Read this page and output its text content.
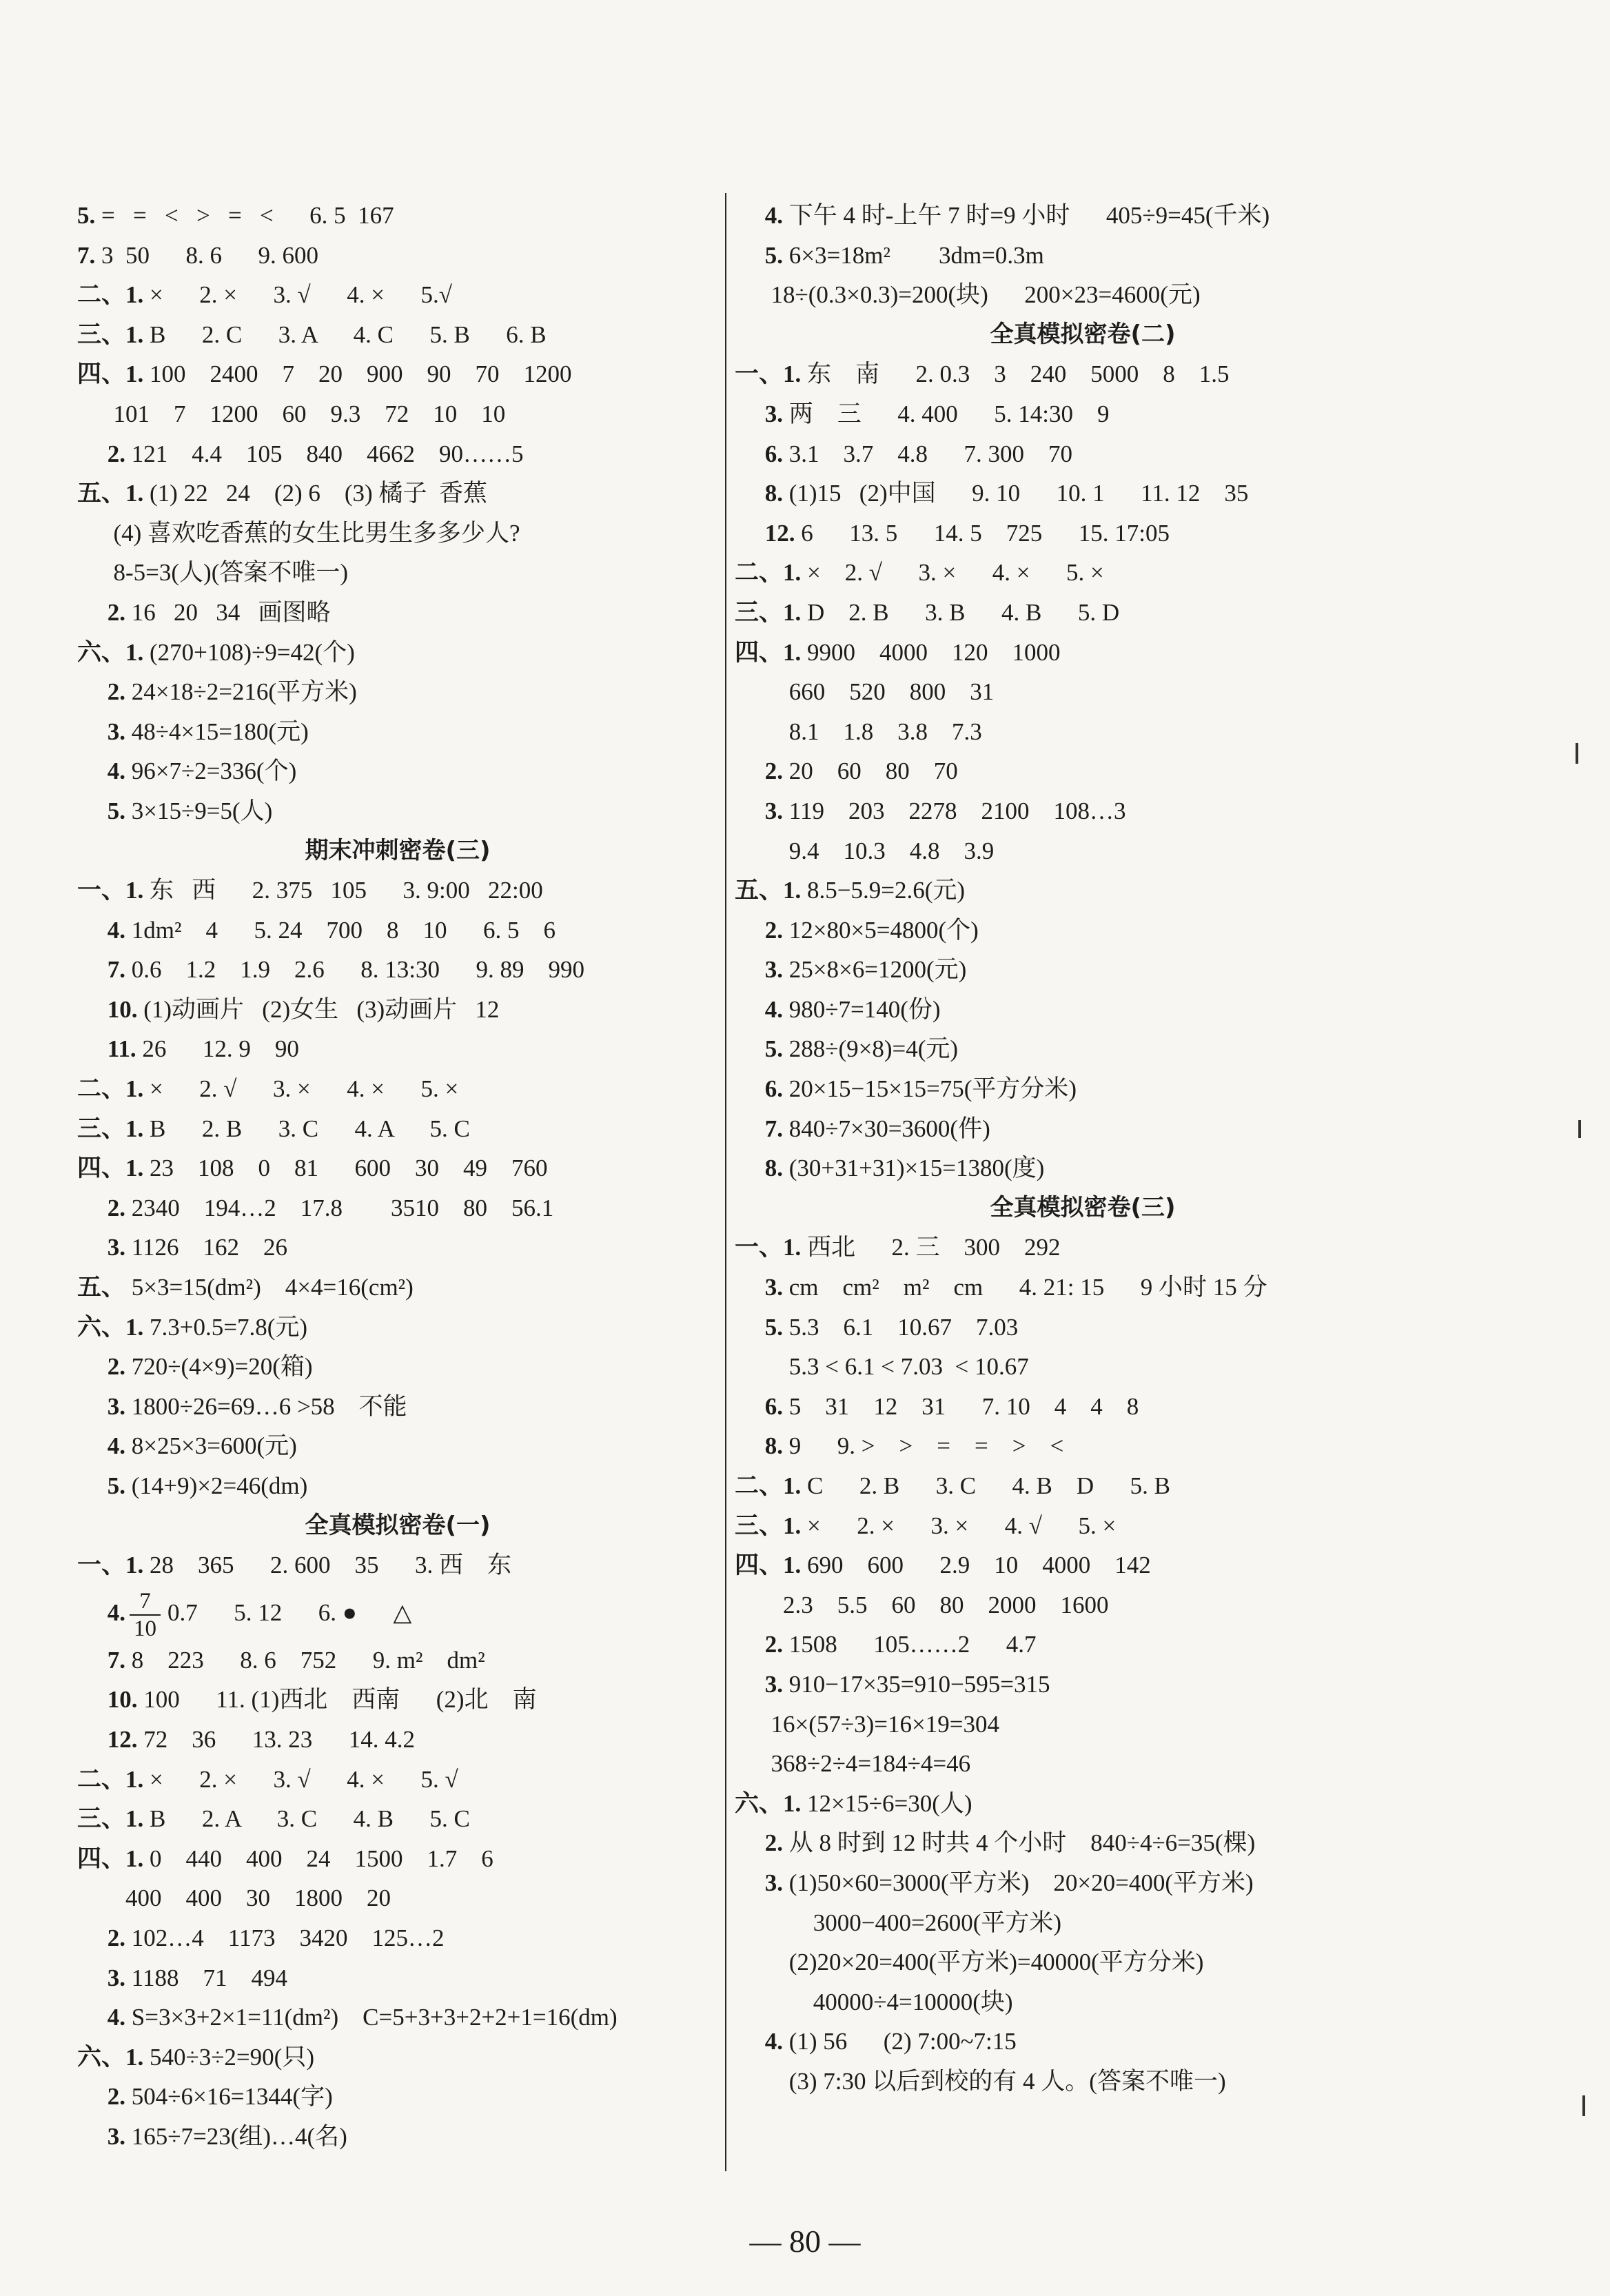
5. =   =   <   >   =   <      6. 5  167
7. 3  50      8. 6      9. 600
二、1. ×      2. ×      3. √      4. ×      5.√
三、1. B      2. C      3. A      4. C      5. B      6. B
四、1. 100    2400    7    20    900    90    70    1200
101    7    1200    60    9.3    72    10    10
2. 121    4.4    105    840    4662    90……5
五、1. (1) 22   24    (2) 6    (3) 橘子  香蕉
(4) 喜欢吃香蕉的女生比男生多多少人?
8-5=3(人)(答案不唯一)
2. 16   20   34   画图略
六、1. (270+108)÷9=42(个)
2. 24×18÷2=216(平方米)
3. 48÷4×15=180(元)
4. 96×7÷2=336(个)
5. 3×15÷9=5(人)
期末冲刺密卷(三)
一、1. 东   西      2. 375   105      3. 9:00   22:00
4. 1dm²    4      5. 24    700    8    10      6. 5    6
7. 0.6    1.2    1.9    2.6      8. 13:30      9. 89    990
10. (1)动画片   (2)女生   (3)动画片   12
11. 26      12. 9    90
二、1. ×      2. √      3. ×      4. ×      5. ×
三、1. B      2. B      3. C      4. A      5. C
四、1. 23    108    0    81      600    30    49    760
2. 2340    194…2    17.8        3510    80    56.1
3. 1126    162    26
五、 5×3=15(dm²)    4×4=16(cm²)
六、1. 7.3+0.5=7.8(元)
2. 720÷(4×9)=20(箱)
3. 1800÷26=69…6 >58    不能
4. 8×25×3=600(元)
5. (14+9)×2=46(dm)
全真模拟密卷(一)
一、1. 28    365      2. 600    35      3. 西    东
4. $\frac{7}{10} 0.7$      5. 12      6. ●      △
7. 8    223      8. 6    752      9. m²    dm²
10. 100      11. (1)西北    西南      (2)北    南
12. 72    36      13. 23      14. 4.2
二、1. ×      2. ×      3. √      4. ×      5. √
三、1. B      2. A      3. C      4. B      5. C
四、1. 0    440    400    24    1500    1.7    6
400    400    30    1800    20
2. 102…4    1173    3420    125…2
3. 1188    71    494
4. S=3×3+2×1=11(dm²)    C=5+3+3+2+2+1=16(dm)
六、1. 540÷3÷2=90(只)
2. 504÷6×16=1344(字)
3. 165÷7=23(组)…4(名)
4. 下午 4 时-上午 7 时=9 小时      405÷9=45(千米)
5. 6×3=18m²        3dm=0.3m
18÷(0.3×0.3)=200(块)      200×23=4600(元)
全真模拟密卷(二)
一、1. 东    南      2. 0.3    3    240    5000    8    1.5
3. 两    三      4. 400      5. 14:30    9
6. 3.1    3.7    4.8      7. 300    70
8. (1)15   (2)中国      9. 10      10. 1      11. 12    35
12. 6      13. 5      14. 5    725      15. 17:05
二、1. ×    2. √      3. ×      4. ×      5. ×
三、1. D    2. B      3. B      4. B      5. D
四、1. 9900    4000    120    1000
660    520    800    31
8.1    1.8    3.8    7.3
2. 20    60    80    70
3. 119    203    2278    2100    108…3
9.4    10.3    4.8    3.9
五、1. 8.5−5.9=2.6(元)
2. 12×80×5=4800(个)
3. 25×8×6=1200(元)
4. 980÷7=140(份)
5. 288÷(9×8)=4(元)
6. 20×15−15×15=75(平方分米)
7. 840÷7×30=3600(件)
8. (30+31+31)×15=1380(度)
全真模拟密卷(三)
一、1. 西北      2. 三    300    292
3. cm    cm²    m²    cm      4. 21: 15      9 小时 15 分
5. 5.3    6.1    10.67    7.03
5.3 < 6.1 < 7.03  < 10.67
6. 5    31    12    31      7. 10    4    4    8
8. 9      9. >    >    =    =    >    <
二、1. C      2. B      3. C      4. B    D      5. B
三、1. ×      2. ×      3. ×      4. √      5. ×
四、1. 690    600      2.9    10    4000    142
2.3    5.5    60    80    2000    1600
2. 1508      105……2      4.7
3. 910−17×35=910−595=315
16×(57÷3)=16×19=304
368÷2÷4=184÷4=46
六、1. 12×15÷6=30(人)
2. 从 8 时到 12 时共 4 个小时    840÷4÷6=35(棵)
3. (1)50×60=3000(平方米)    20×20=400(平方米)
3000−400=2600(平方米)
(2)20×20=400(平方米)=40000(平方分米)
40000÷4=10000(块)
4. (1) 56      (2) 7:00~7:15
(3) 7:30 以后到校的有 4 人。(答案不唯一)
— 80 —
